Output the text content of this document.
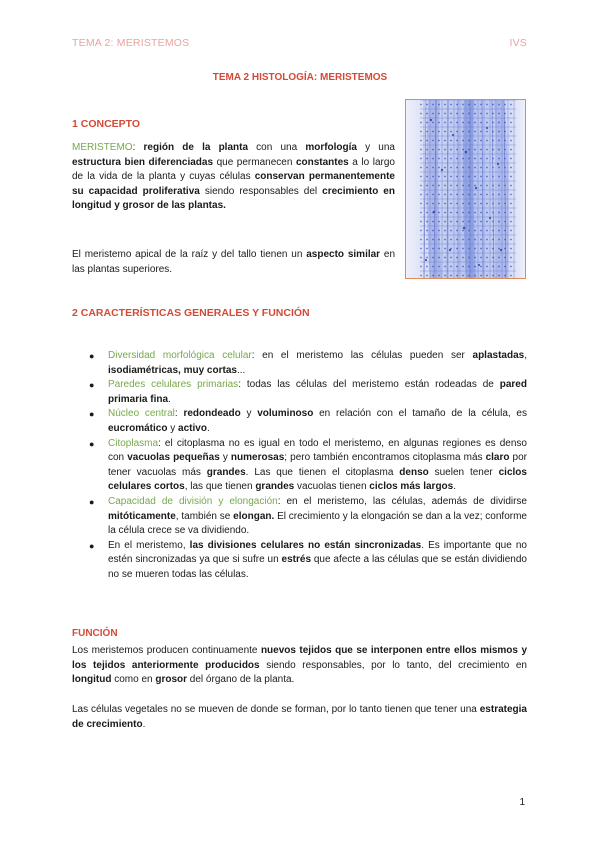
TEMA 2: MERISTEMOS	IVS
TEMA 2 HISTOLOGÍA: MERISTEMOS
1 CONCEPTO
MERISTEMO: región de la planta con una morfología y una estructura bien diferenciadas que permanecen constantes a lo largo de la vida de la planta y cuyas células conservan permanentemente su capacidad proliferativa siendo responsables del crecimiento en longitud y grosor de las plantas.
El meristemo apical de la raíz y del tallo tienen un aspecto similar en las plantas superiores.
2 CARACTERÍSTICAS GENERALES Y FUNCIÓN
● Diversidad morfológica celular: en el meristemo las células pueden ser aplastadas, isodiamétricas, muy cortas...
● Paredes celulares primarias: todas las células del meristemo están rodeadas de pared primaria fina.
● Núcleo central: redondeado y voluminoso en relación con el tamaño de la célula, es eucromático y activo.
● Citoplasma: el citoplasma no es igual en todo el meristemo, en algunas regiones es denso con vacuolas pequeñas y numerosas; pero también encontramos citoplasma más claro por tener vacuolas más grandes. Las que tienen el citoplasma denso suelen tener ciclos celulares cortos, las que tienen grandes vacuolas tienen ciclos más largos.
● Capacidad de división y elongación: en el meristemo, las células, además de dividirse mitóticamente, también se elongan. El crecimiento y la elongación se dan a la vez; conforme la célula crece se va dividiendo.
● En el meristemo, las divisiones celulares no están sincronizadas. Es importante que no estén sincronizadas ya que si sufre un estrés que afecte a las células que se están dividiendo no se mueren todas las células.
FUNCIÓN
Los meristemos producen continuamente nuevos tejidos que se interponen entre ellos mismos y los tejidos anteriormente producidos siendo responsables, por lo tanto, del crecimiento en longitud como en grosor del órgano de la planta.
Las células vegetales no se mueven de donde se forman, por lo tanto tienen que tener una estrategia de crecimiento.
1
